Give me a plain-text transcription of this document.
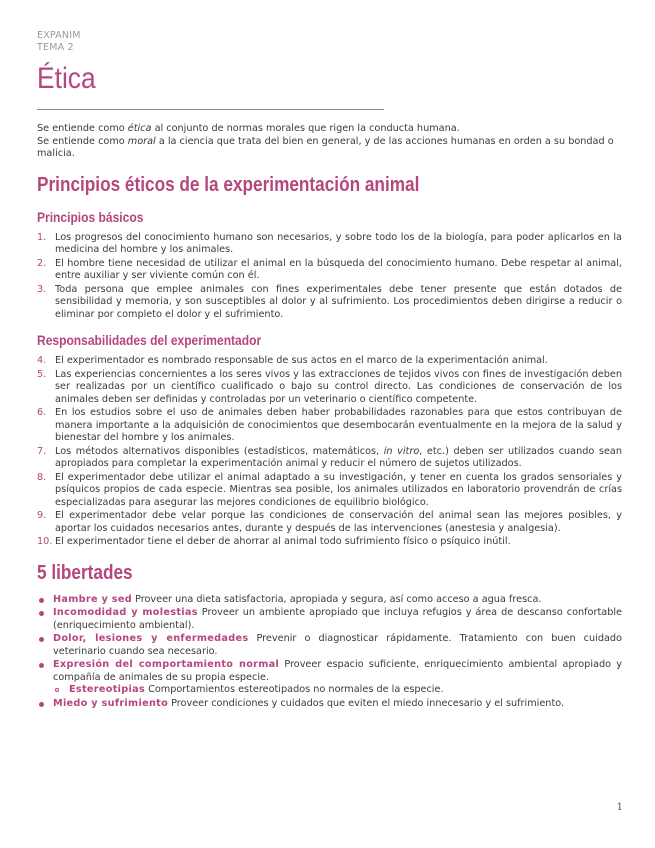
EXPANIM
TEMA 2
Ética

Se entiende como ética al conjunto de normas morales que rigen la conducta humana.

Se entiende como moral a la ciencia que trata del bien en general, y de las acciones humanas en orden a su bondad o malicia.

Principios éticos de la experimentación animal
Principios básicos
1. Los progresos del conocimiento humano son necesarios, y sobre todo los de la biología, para poder aplicarlos en la medicina del hombre y los animales.
2. El hombre tiene necesidad de utilizar el animal en la búsqueda del conocimiento humano. Debe respetar al animal, entre auxiliar y ser viviente común con él.
3. Toda persona que emplee animales con fines experimentales debe tener presente que están dotados de sensibilidad y memoria, y son susceptibles al dolor y al sufrimiento. Los procedimientos deben dirigirse a reducir o eliminar por completo el dolor y el sufrimiento.
Responsabilidades del experimentador
4. El experimentador es nombrado responsable de sus actos en el marco de la experimentación animal.
5. Las experiencias concernientes a los seres vivos y las extracciones de tejidos vivos con fines de investigación deben ser realizadas por un científico cualificado o bajo su control directo. Las condiciones de conservación de los animales deben ser definidas y controladas por un veterinario o científico competente.
6. En los estudios sobre el uso de animales deben haber probabilidades razonables para que estos contribuyan de manera importante a la adquisición de conocimientos que desembocarán eventualmente en la mejora de la salud y bienestar del hombre y los animales.
7. Los métodos alternativos disponibles (estadísticos, matemáticos, in vitro, etc.) deben ser utilizados cuando sean apropiados para completar la experimentación animal y reducir el número de sujetos utilizados.
8. El experimentador debe utilizar el animal adaptado a su investigación, y tener en cuenta los grados sensoriales y psíquicos propios de cada especie. Mientras sea posible, los animales utilizados en laboratorio provendrán de crías especializadas para asegurar las mejores condiciones de equilibrio biológico.
9. El experimentador debe velar porque las condiciones de conservación del animal sean las mejores posibles, y aportar los cuidados necesarios antes, durante y después de las intervenciones (anestesia y analgesia).
10. El experimentador tiene el deber de ahorrar al animal todo sufrimiento físico o psíquico inútil.
5 libertades
Hambre y sed Proveer una dieta satisfactoria, apropiada y segura, así como acceso a agua fresca.
Incomodidad y molestias Proveer un ambiente apropiado que incluya refugios y área de descanso confortable (enriquecimiento ambiental).
Dolor, lesiones y enfermedades Prevenir o diagnosticar rápidamente. Tratamiento con buen cuidado veterinario cuando sea necesario.
Expresión del comportamiento normal Proveer espacio suficiente, enriquecimiento ambiental apropiado y compañía de animales de su propia especie.
Estereotipias Comportamientos estereotipados no normales de la especie.
Miedo y sufrimiento Proveer condiciones y cuidados que eviten el miedo innecesario y el sufrimiento.
1
